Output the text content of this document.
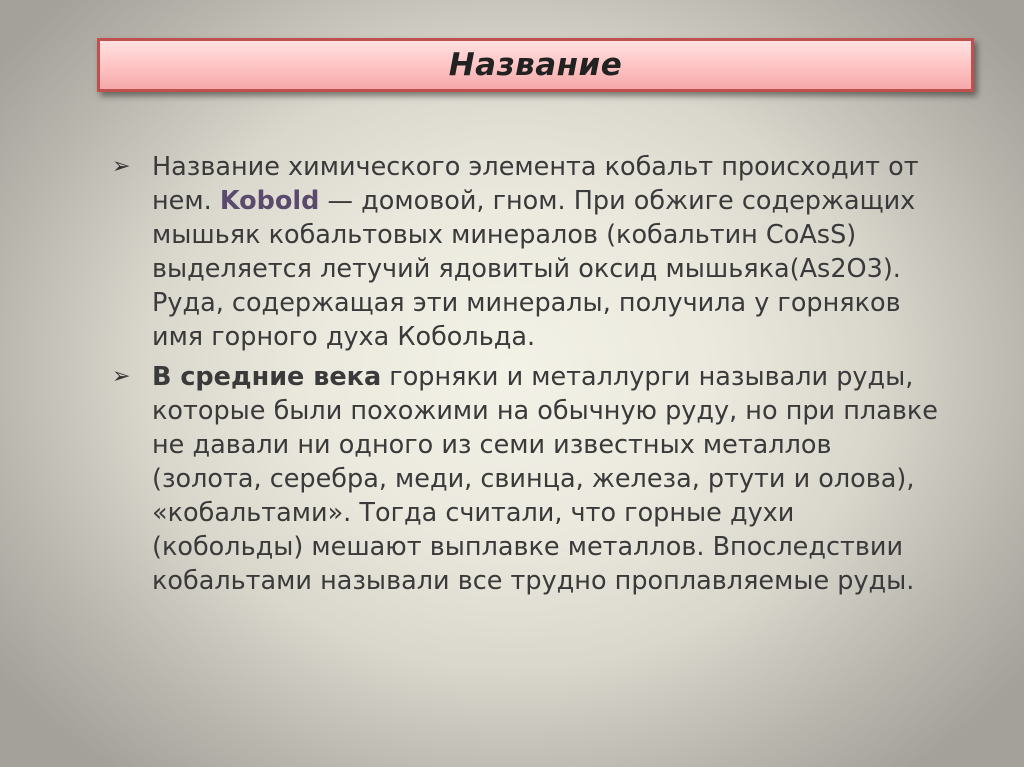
Название
➢ Название химического элемента кобальт происходит от нем. Kobold — домовой, гном. При обжиге содержащих мышьяк кобальтовых минералов (кобальтин CoAsS) выделяется летучий ядовитый оксид мышьяка(As2O3). Руда, содержащая эти минералы, получила у горняков имя горного духа Кобольда.
➢ В средние века горняки и металлурги называли руды, которые были похожими на обычную руду, но при плавке не давали ни одного из семи известных металлов (золота, серебра, меди, свинца, железа, ртути и олова), «кобальтами». Тогда считали, что горные духи (кобольды) мешают выплавке металлов. Впоследствии кобальтами называли все трудно проплавляемые руды.
